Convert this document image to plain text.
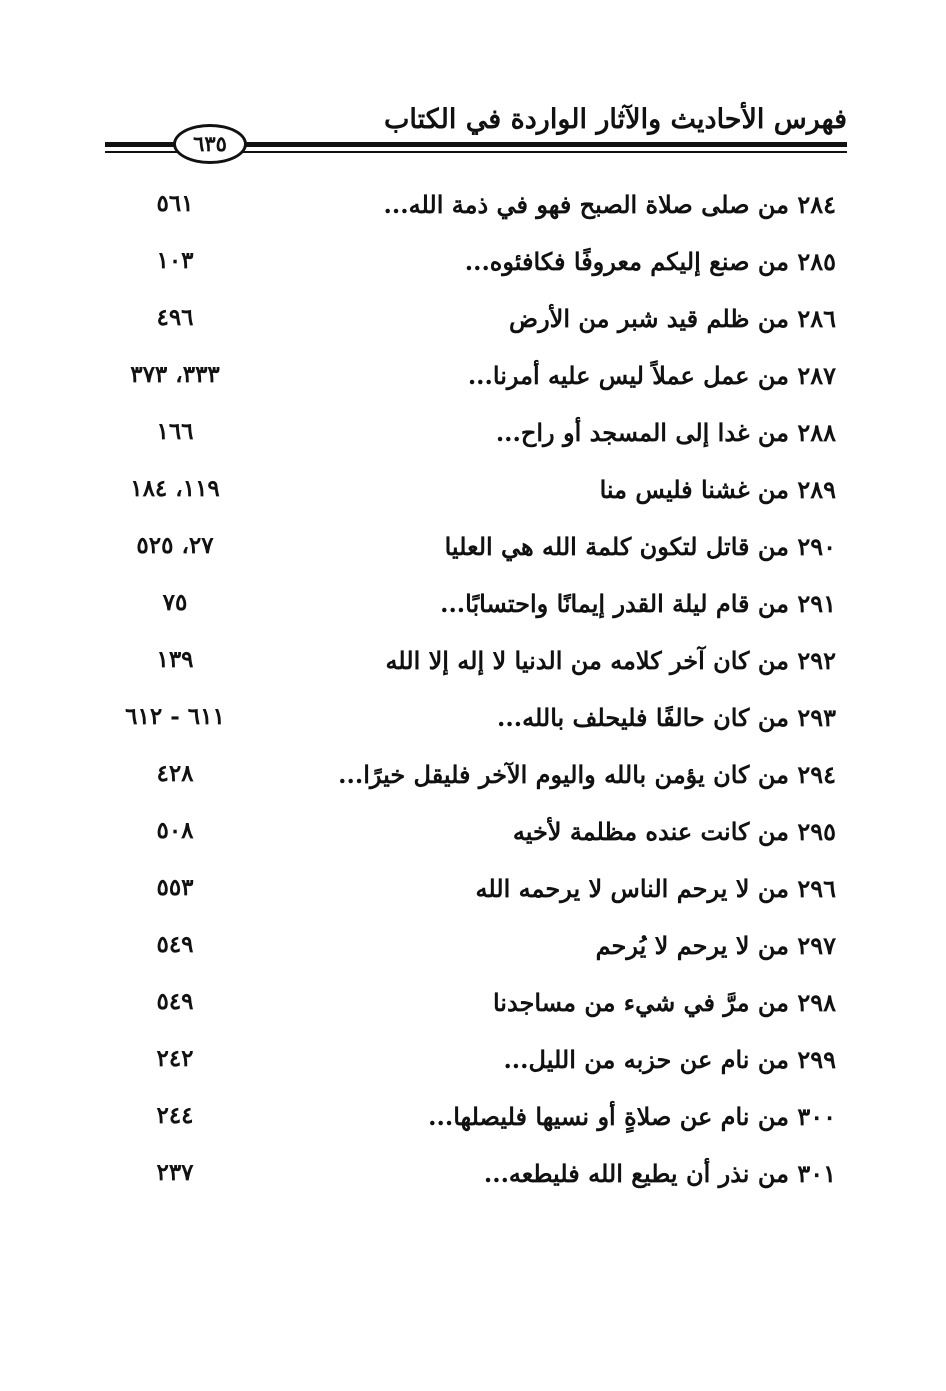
فهرس الأحاديث والآثار الواردة في الكتاب
٦٣٥
٢٨٤ من صلى صلاة الصبح فهو في ذمة الله...
٥٦١
٢٨٥ من صنع إليكم معروفًا فكافئوه...
١٠٣
٢٨٦ من ظلم قيد شبر من الأرض
٤٩٦
٢٨٧ من عمل عملاً ليس عليه أمرنا...
٣٣٣، ٣٧٣
٢٨٨ من غدا إلى المسجد أو راح...
١٦٦
٢٨٩ من غشنا فليس منا
١١٩، ١٨٤
٢٩٠ من قاتل لتكون كلمة الله هي العليا
٢٧، ٥٢٥
٢٩١ من قام ليلة القدر إيمانًا واحتسابًا...
٧٥
٢٩٢ من كان آخر كلامه من الدنيا لا إله إلا الله
١٣٩
٢٩٣ من كان حالفًا فليحلف بالله...
٦١١ - ٦١٢
٢٩٤ من كان يؤمن بالله واليوم الآخر فليقل خيرًا...
٤٢٨
٢٩٥ من كانت عنده مظلمة لأخيه
٥٠٨
٢٩٦ من لا يرحم الناس لا يرحمه الله
٥٥٣
٢٩٧ من لا يرحم لا يُرحم
٥٤٩
٢٩٨ من مرَّ في شيء من مساجدنا
٥٤٩
٢٩٩ من نام عن حزبه من الليل...
٢٤٢
٣٠٠ من نام عن صلاةٍ أو نسيها فليصلها...
٢٤٤
٣٠١ من نذر أن يطيع الله فليطعه...
٢٣٧
